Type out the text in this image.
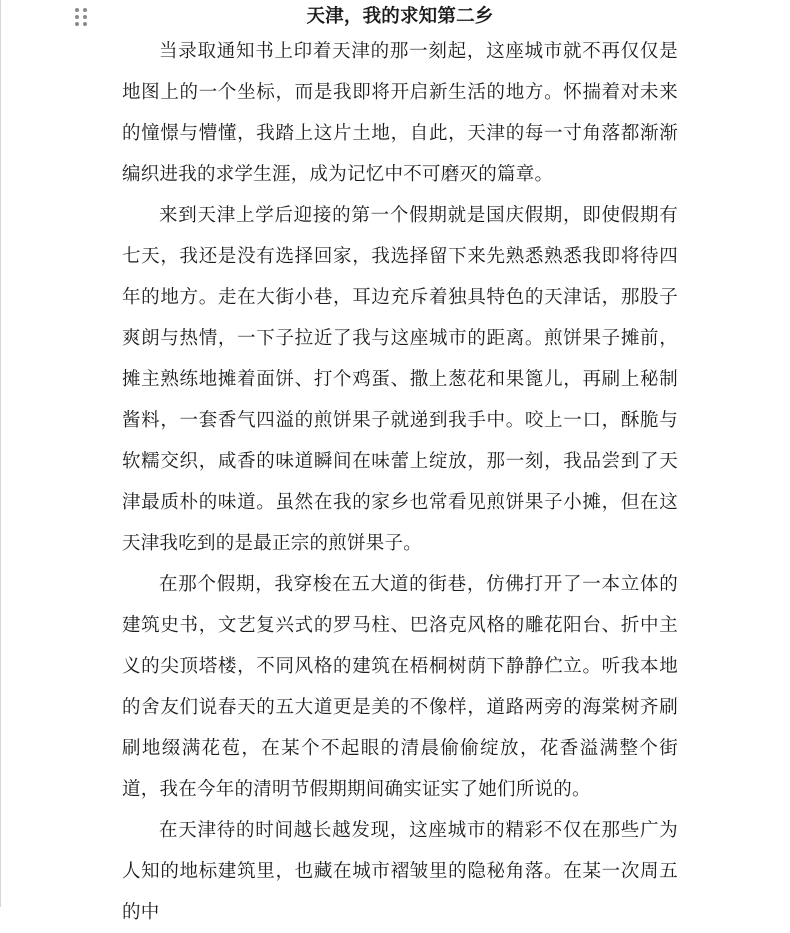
天津，我的求知第二乡

当录取通知书上印着天津的那一刻起，这座城市就不再仅仅是地图上的一个坐标，而是我即将开启新生活的地方。怀揣着对未来的憧憬与懵懂，我踏上这片土地，自此，天津的每一寸角落都渐渐编织进我的求学生涯，成为记忆中不可磨灭的篇章。

来到天津上学后迎接的第一个假期就是国庆假期，即使假期有七天，我还是没有选择回家，我选择留下来先熟悉熟悉我即将待四年的地方。走在大街小巷，耳边充斥着独具特色的天津话，那股子爽朗与热情，一下子拉近了我与这座城市的距离。煎饼果子摊前，摊主熟练地摊着面饼、打个鸡蛋、撒上葱花和果篦儿，再刷上秘制酱料，一套香气四溢的煎饼果子就递到我手中。咬上一口，酥脆与软糯交织，咸香的味道瞬间在味蕾上绽放，那一刻，我品尝到了天津最质朴的味道。虽然在我的家乡也常看见煎饼果子小摊，但在这天津我吃到的是最正宗的煎饼果子。

在那个假期，我穿梭在五大道的街巷，仿佛打开了一本立体的建筑史书，文艺复兴式的罗马柱、巴洛克风格的雕花阳台、折中主义的尖顶塔楼，不同风格的建筑在梧桐树荫下静静伫立。听我本地的舍友们说春天的五大道更是美的不像样，道路两旁的海棠树齐刷刷地缀满花苞，在某个不起眼的清晨偷偷绽放，花香溢满整个街道，我在今年的清明节假期期间确实证实了她们所说的。

在天津待的时间越长越发现，这座城市的精彩不仅在那些广为人知的地标建筑里，也藏在城市褶皱里的隐秘角落。在某一次周五的中
